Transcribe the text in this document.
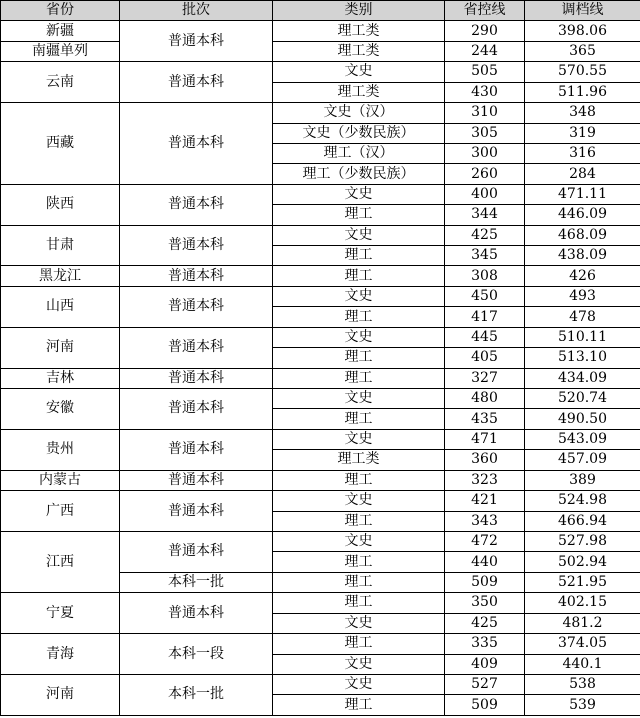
省份	批次	类别	省控线	调档线
新疆	普通本科	理工类	290	398.06
南疆单列		理工类	244	365
云南	普通本科	文史	505	570.55
		理工类	430	511.96
西藏	普通本科	文史（汉）	310	348
		文史（少数民族）	305	319
		理工（汉）	300	316
		理工（少数民族）	260	284
陕西	普通本科	文史	400	471.11
		理工	344	446.09
甘肃	普通本科	文史	425	468.09
		理工	345	438.09
黑龙江	普通本科	理工	308	426
山西	普通本科	文史	450	493
		理工	417	478
河南	普通本科	文史	445	510.11
		理工	405	513.10
吉林	普通本科	理工	327	434.09
安徽	普通本科	文史	480	520.74
		理工	435	490.50
贵州	普通本科	文史	471	543.09
		理工类	360	457.09
内蒙古	普通本科	理工	323	389
广西	普通本科	文史	421	524.98
		理工	343	466.94
江西	普通本科	文史	472	527.98
		理工	440	502.94
	本科一批	理工	509	521.95
宁夏	普通本科	理工	350	402.15
		文史	425	481.2
青海	本科一段	理工	335	374.05
		文史	409	440.1
河南	本科一批	文史	527	538
		理工	509	539
